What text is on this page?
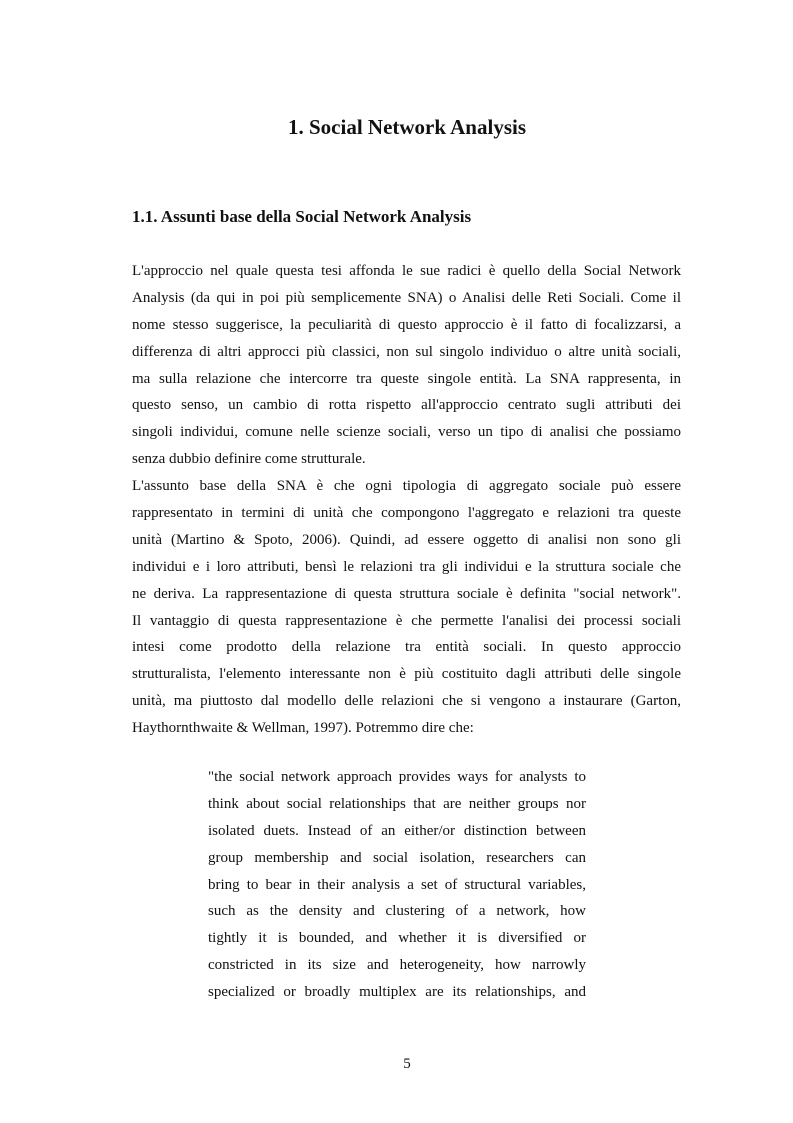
1. Social Network Analysis
1.1. Assunti base della Social Network Analysis
L'approccio nel quale questa tesi affonda le sue radici è quello della Social Network
Analysis (da qui in poi più semplicemente SNA) o Analisi delle Reti Sociali. Come il
nome stesso suggerisce, la peculiarità di questo approccio è il fatto di focalizzarsi, a
differenza di altri approcci più classici, non sul singolo individuo o altre unità sociali,
ma sulla relazione che intercorre tra queste singole entità. La SNA rappresenta, in
questo senso, un cambio di rotta rispetto all'approccio centrato sugli attributi dei
singoli individui, comune nelle scienze sociali, verso un tipo di analisi che possiamo
senza dubbio definire come strutturale.
L'assunto base della SNA è che ogni tipologia di aggregato sociale può essere
rappresentato in termini di unità che compongono l'aggregato e relazioni tra queste
unità (Martino & Spoto, 2006). Quindi, ad essere oggetto di analisi non sono gli
individui e i loro attributi, bensì le relazioni tra gli individui e la struttura sociale che
ne deriva. La rappresentazione di questa struttura sociale è definita "social network".
Il vantaggio di questa rappresentazione è che permette l'analisi dei processi sociali
intesi come prodotto della relazione tra entità sociali. In questo approccio
strutturalista, l'elemento interessante non è più costituito dagli attributi delle singole
unità, ma piuttosto dal modello delle relazioni che si vengono a instaurare (Garton,
Haythornthwaite & Wellman, 1997). Potremmo dire che:
"the social network approach provides ways for analysts to
think about social relationships that are neither groups nor
isolated duets. Instead of an either/or distinction between
group membership and social isolation, researchers can
bring to bear in their analysis a set of structural variables,
such as the density and clustering of a network, how
tightly it is bounded, and whether it is diversified or
constricted in its size and heterogeneity, how narrowly
specialized or broadly multiplex are its relationships, and
5
